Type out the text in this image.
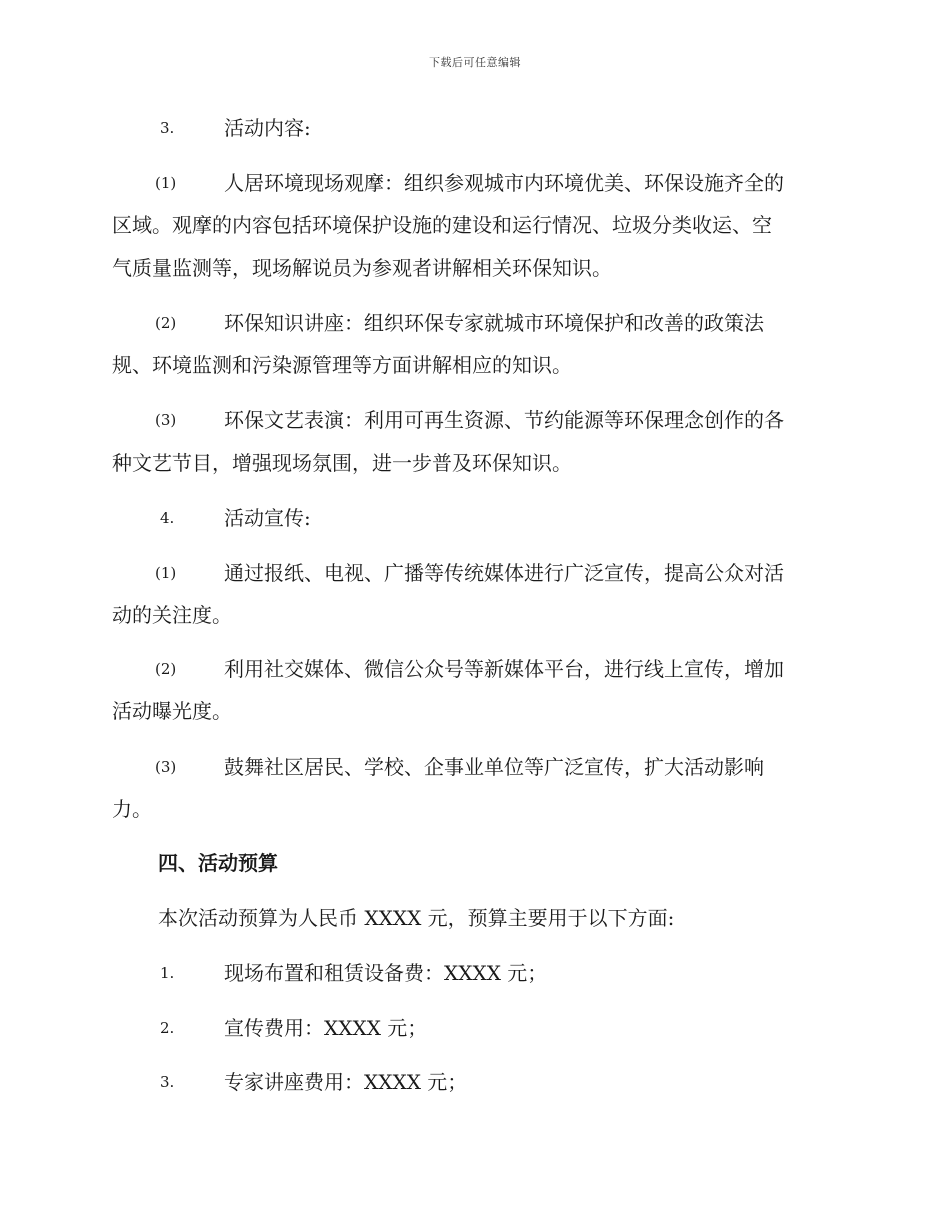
下载后可任意编辑
3. 活动内容:
(1) 人居环境现场观摩：组织参观城市内环境优美、环保设施齐全的
区域。观摩的内容包括环境保护设施的建设和运行情况、垃圾分类收运、空
气质量监测等，现场解说员为参观者讲解相关环保知识。
(2) 环保知识讲座：组织环保专家就城市环境保护和改善的政策法
规、环境监测和污染源管理等方面讲解相应的知识。
(3) 环保文艺表演：利用可再生资源、节约能源等环保理念创作的各
种文艺节目，增强现场氛围，进一步普及环保知识。
4. 活动宣传:
(1) 通过报纸、电视、广播等传统媒体进行广泛宣传，提高公众对活
动的关注度。
(2) 利用社交媒体、微信公众号等新媒体平台，进行线上宣传，增加
活动曝光度。
(3) 鼓舞社区居民、学校、企事业单位等广泛宣传，扩大活动影响
力。
四、活动预算
本次活动预算为人民币 XXXX 元，预算主要用于以下方面:
1. 现场布置和租赁设备费：XXXX 元；
2. 宣传费用：XXXX 元；
3. 专家讲座费用：XXXX 元；
